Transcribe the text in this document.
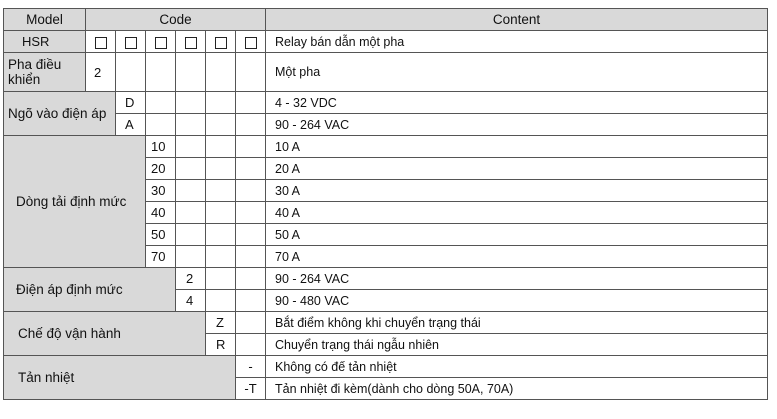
Model	Code						Content
HSR							Relay bán dẫn một pha
Pha điều khiển	2						Một pha
Ngõ vào điện áp		D					4 - 32 VDC
		A					90 - 264 VAC
Dòng tải định mức			10				10 A
			20				20 A
			30				30 A
			40				40 A
			50				50 A
			70				70 A
Điện áp định mức				2			90 - 264 VAC
				4			90 - 480 VAC
Chế độ vận hành					Z		Bắt điểm không khi chuyển trạng thái
					R		Chuyển trạng thái ngẫu nhiên
Tản nhiệt						-	Không có đế tản nhiệt
						-T	Tản nhiệt đi kèm(dành cho dòng 50A, 70A)
